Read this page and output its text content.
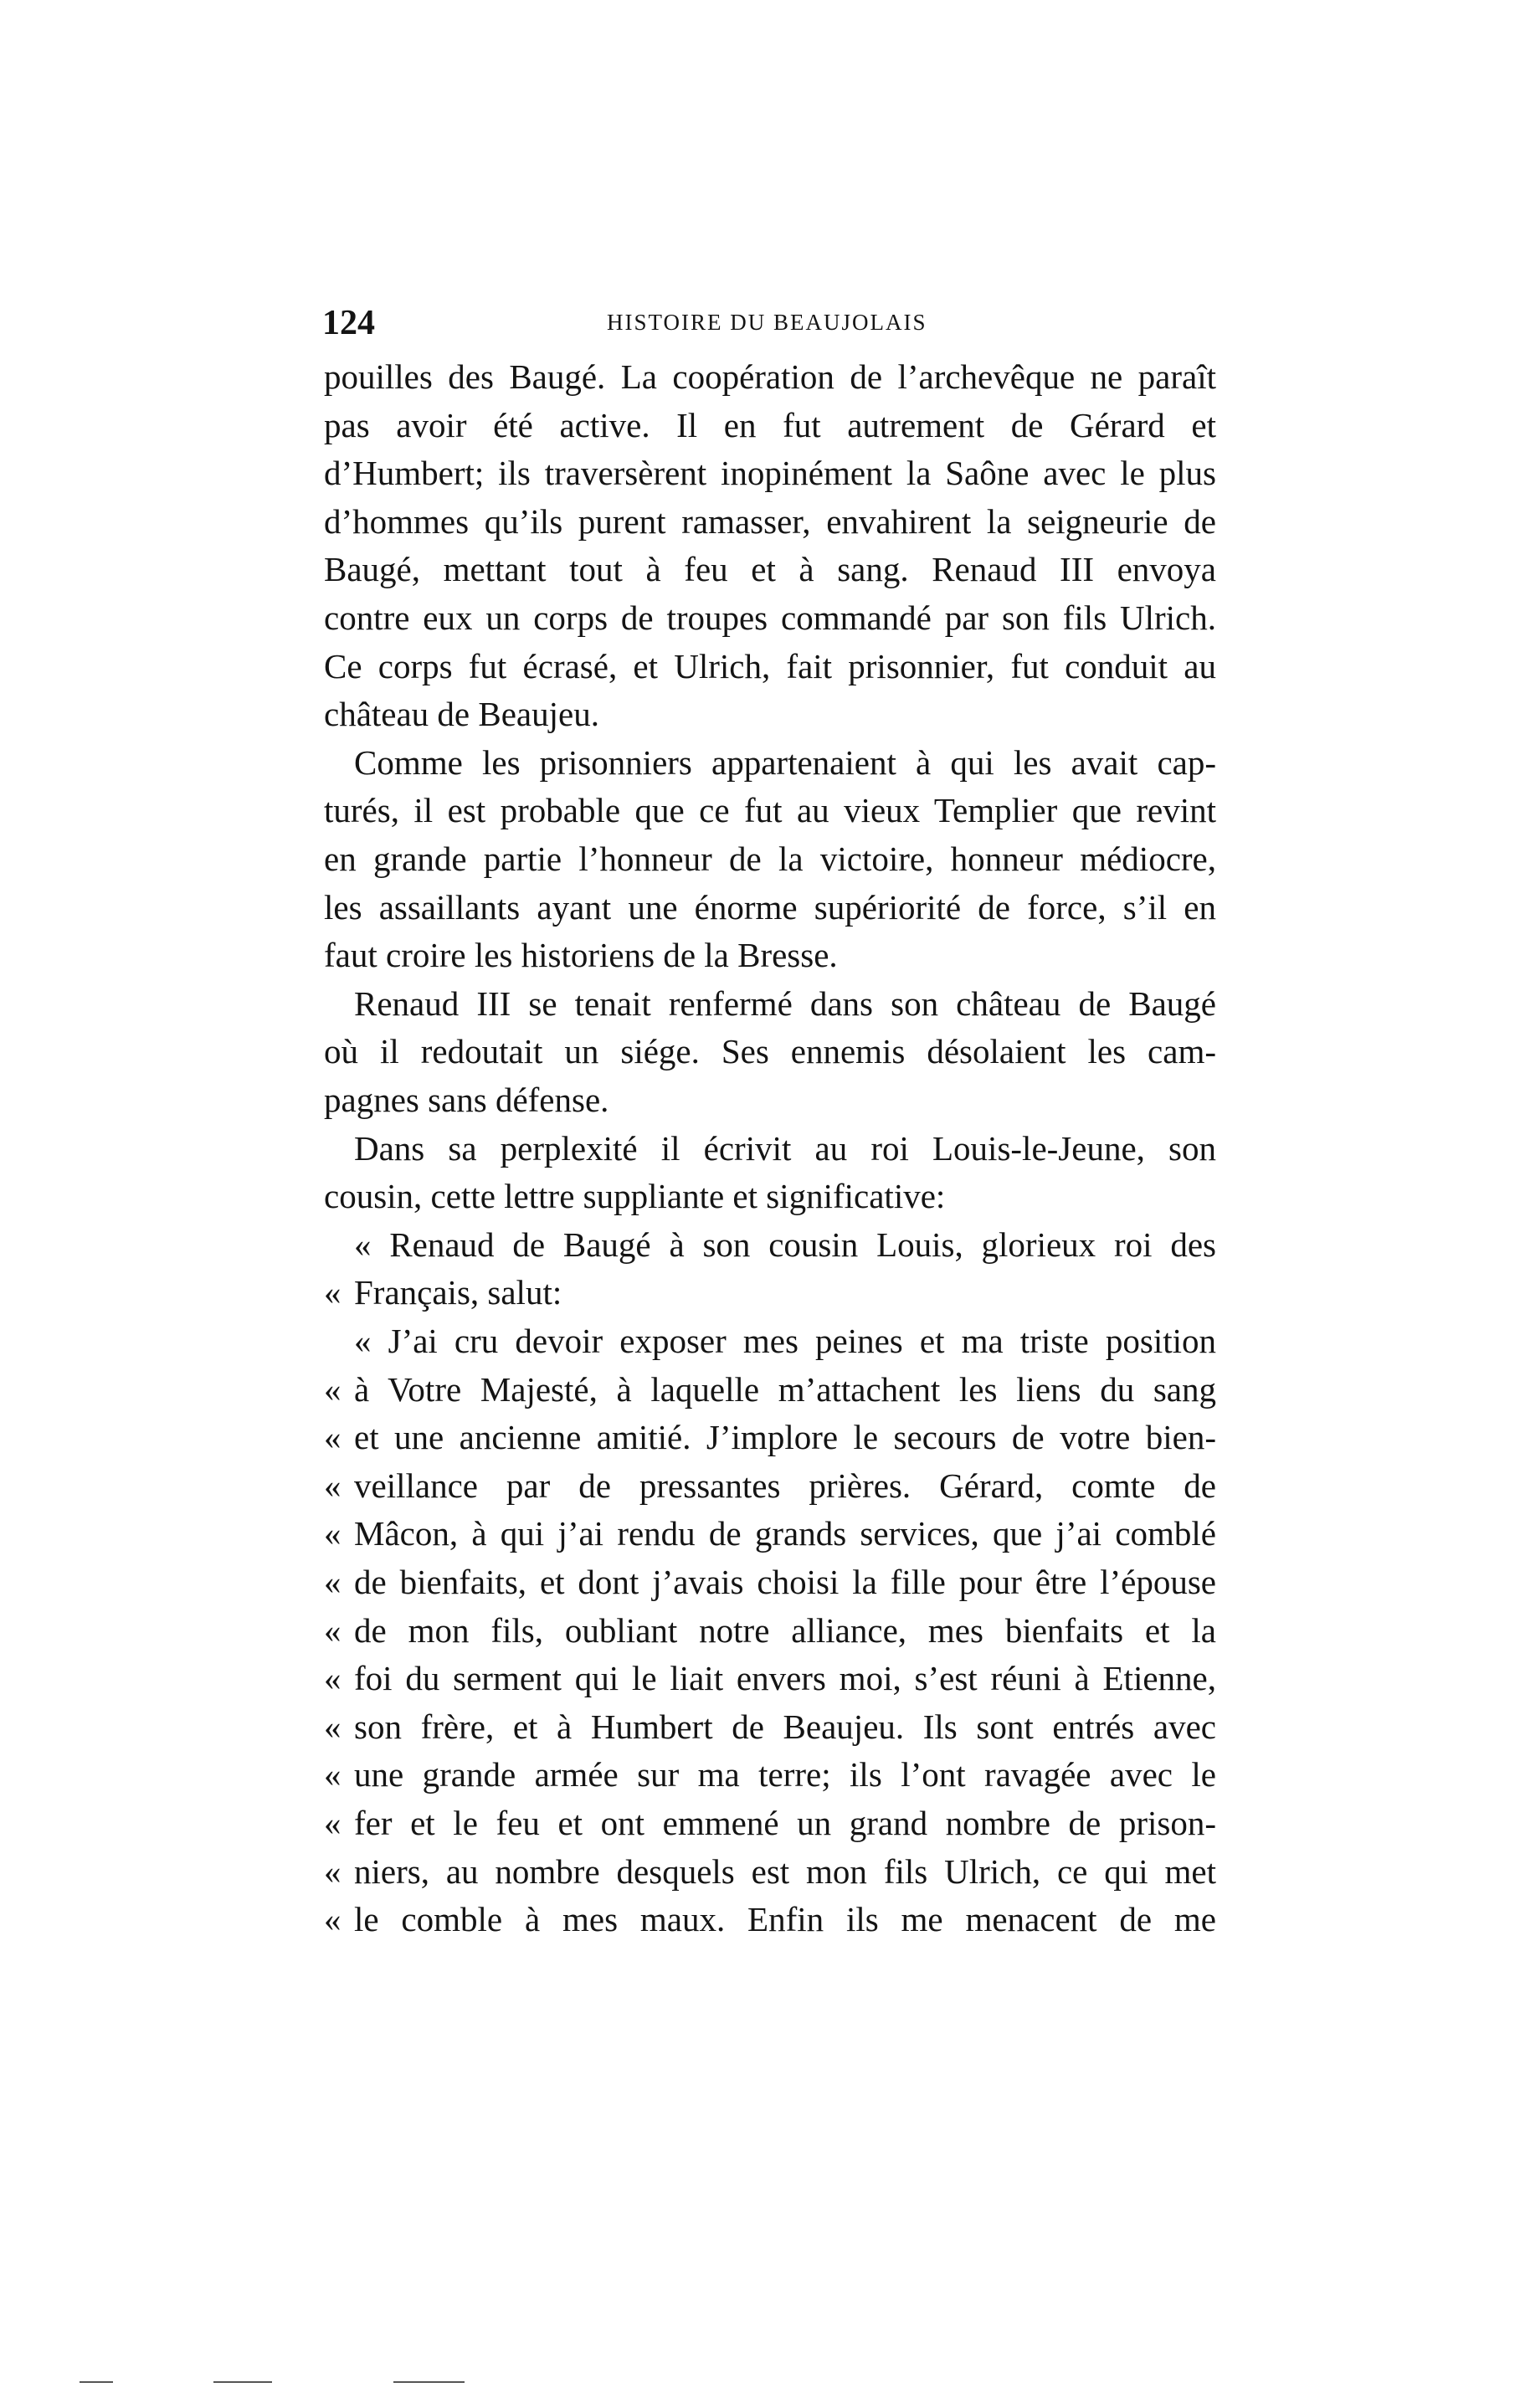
124	HISTOIRE DU BEAUJOLAIS
pouilles des Baugé. La coopération de l’archevêque ne paraît
pas avoir été active. Il en fut autrement de Gérard et
d’Humbert; ils traversèrent inopinément la Saône avec le plus
d’hommes qu’ils purent ramasser, envahirent la seigneurie de
Baugé, mettant tout à feu et à sang. Renaud III envoya
contre eux un corps de troupes commandé par son fils Ulrich.
Ce corps fut écrasé, et Ulrich, fait prisonnier, fut conduit au
château de Beaujeu.
Comme les prisonniers appartenaient à qui les avait cap-
turés, il est probable que ce fut au vieux Templier que revint
en grande partie l’honneur de la victoire, honneur médiocre,
les assaillants ayant une énorme supériorité de force, s’il en
faut croire les historiens de la Bresse.
Renaud III se tenait renfermé dans son château de Baugé
où il redoutait un siége. Ses ennemis désolaient les cam-
pagnes sans défense.
Dans sa perplexité il écrivit au roi Louis-le-Jeune, son
cousin, cette lettre suppliante et significative:
« Renaud de Baugé à son cousin Louis, glorieux roi des
« Français, salut:
« J’ai cru devoir exposer mes peines et ma triste position
« à Votre Majesté, à laquelle m’attachent les liens du sang
« et une ancienne amitié. J’implore le secours de votre bien-
« veillance par de pressantes prières. Gérard, comte de
« Mâcon, à qui j’ai rendu de grands services, que j’ai comblé
« de bienfaits, et dont j’avais choisi la fille pour être l’épouse
« de mon fils, oubliant notre alliance, mes bienfaits et la
« foi du serment qui le liait envers moi, s’est réuni à Etienne,
« son frère, et à Humbert de Beaujeu. Ils sont entrés avec
« une grande armée sur ma terre; ils l’ont ravagée avec le
« fer et le feu et ont emmené un grand nombre de prison-
« niers, au nombre desquels est mon fils Ulrich, ce qui met
« le comble à mes maux. Enfin ils me menacent de me
